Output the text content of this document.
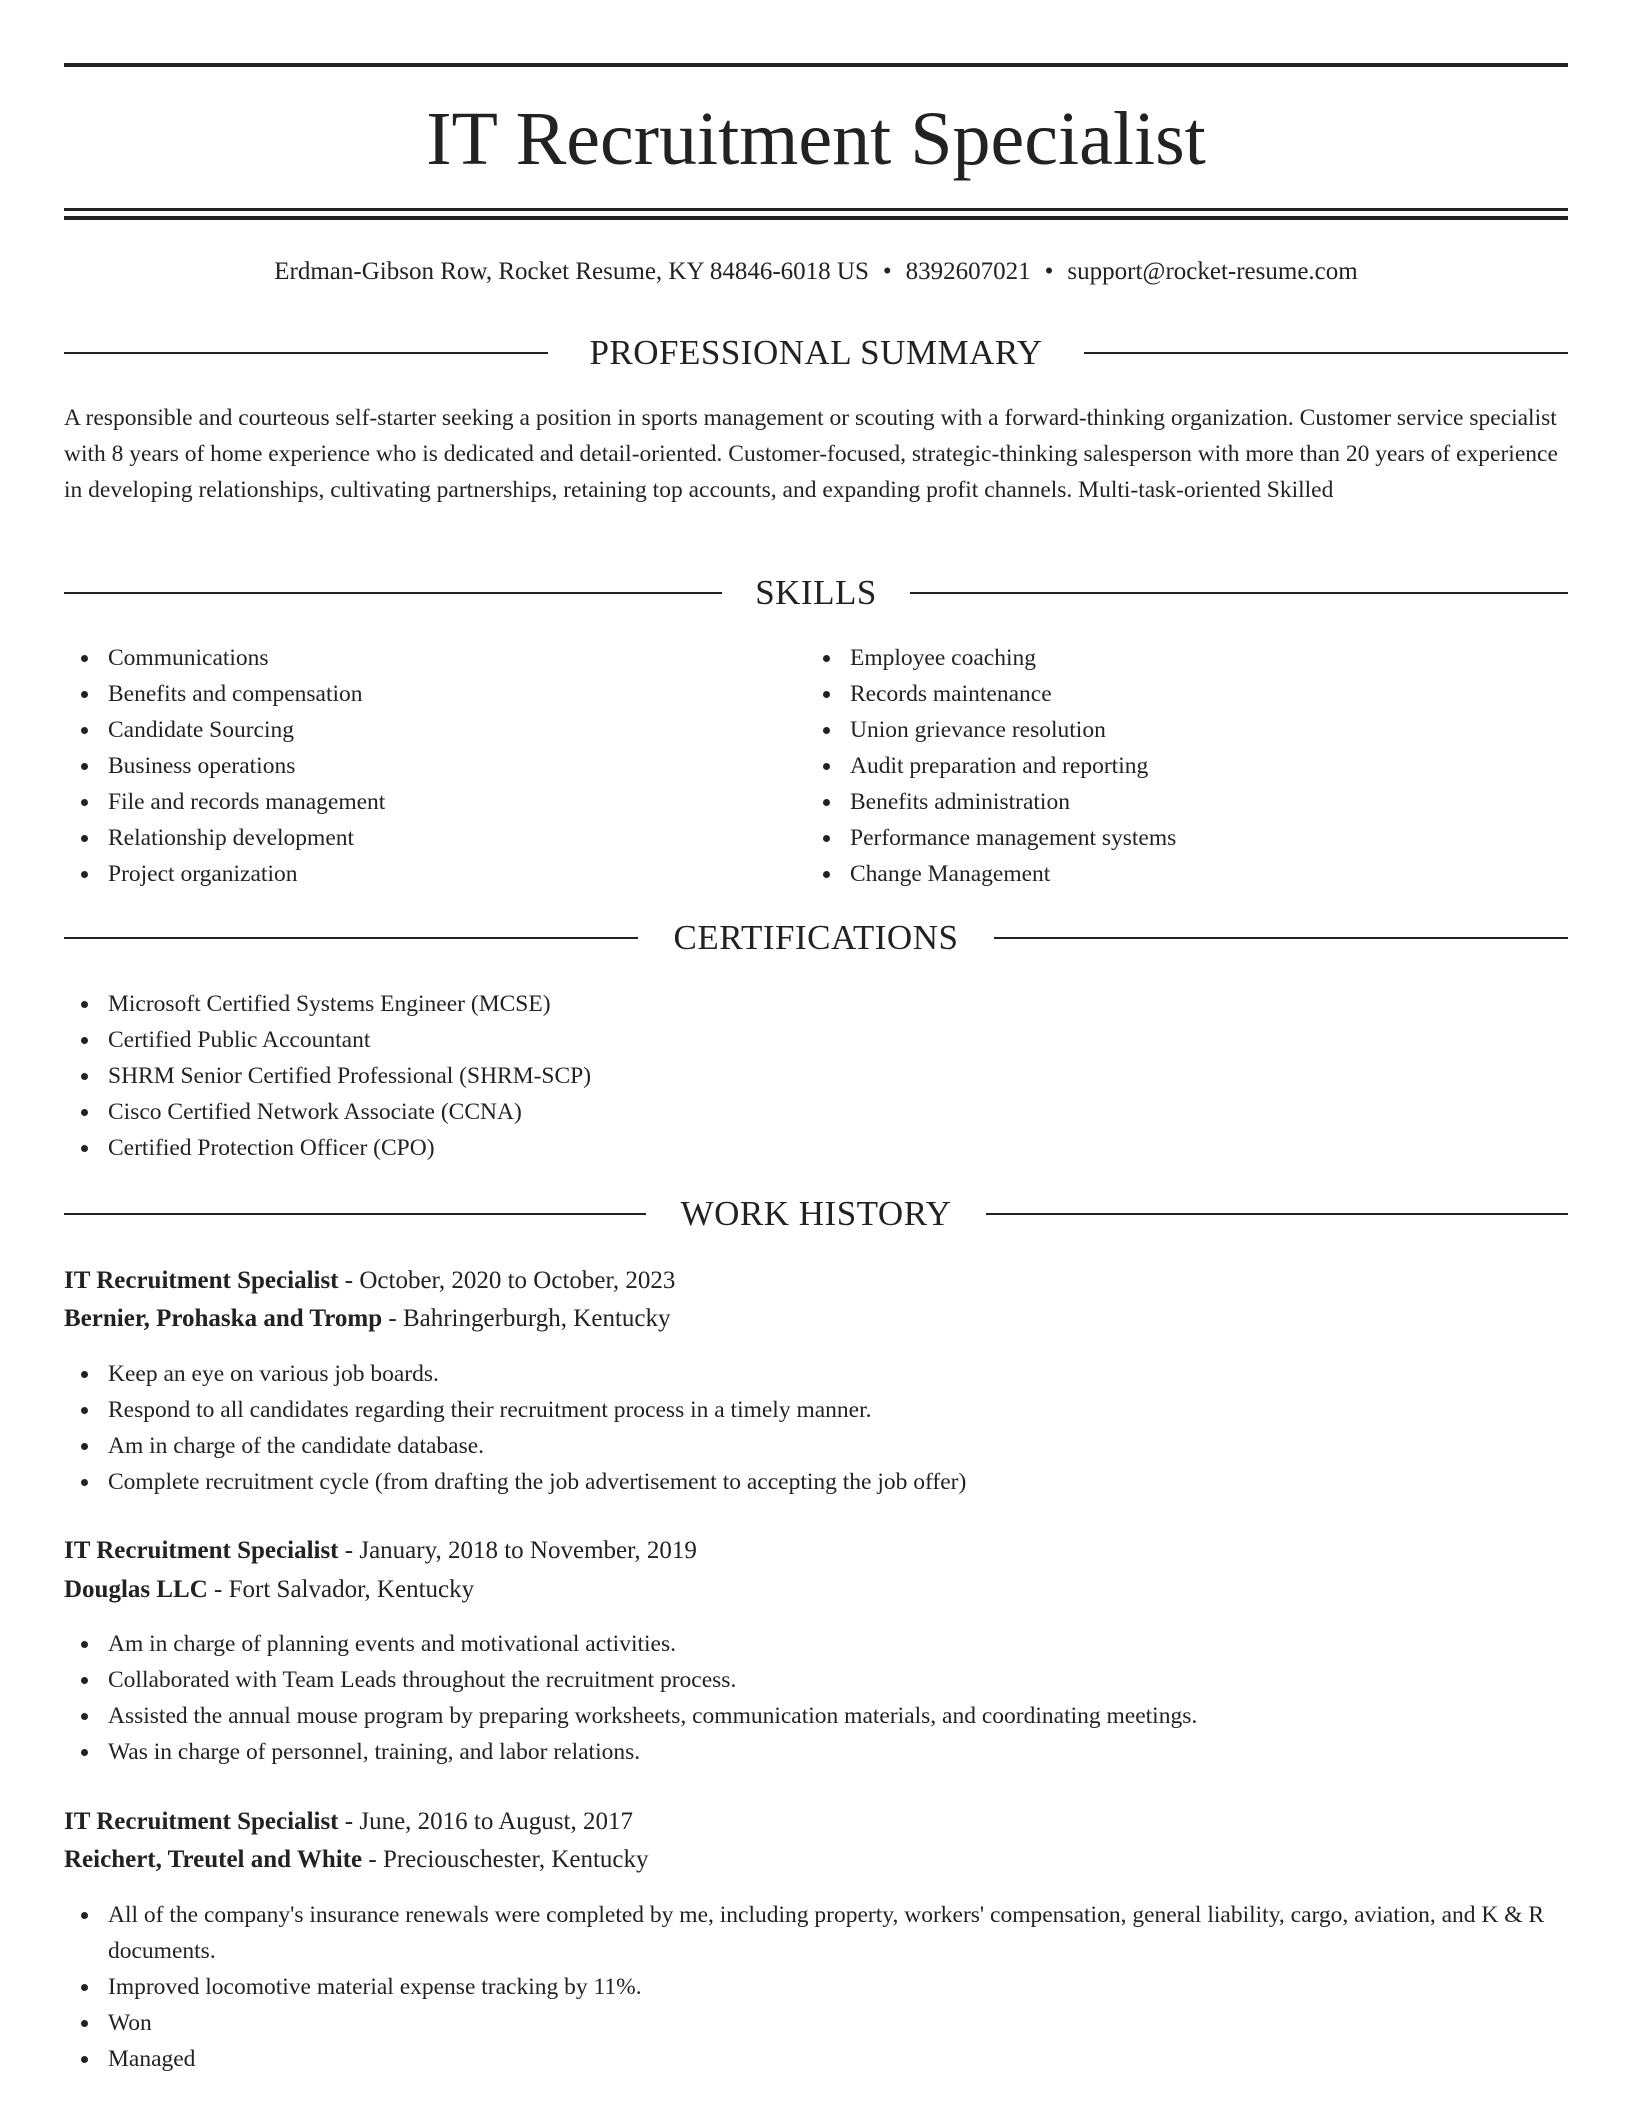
IT Recruitment Specialist
Erdman-Gibson Row, Rocket Resume, KY 84846-6018 US • 8392607021 • support@rocket-resume.com
PROFESSIONAL SUMMARY

A responsible and courteous self-starter seeking a position in sports management or scouting with a forward-thinking organization. Customer service specialist with 8 years of home experience who is dedicated and detail-oriented. Customer-focused, strategic-thinking salesperson with more than 20 years of experience in developing relationships, cultivating partnerships, retaining top accounts, and expanding profit channels. Multi-task-oriented Skilled

SKILLS
Communications
Benefits and compensation
Candidate Sourcing
Business operations
File and records management
Relationship development
Project organization
Employee coaching
Records maintenance
Union grievance resolution
Audit preparation and reporting
Benefits administration
Performance management systems
Change Management
CERTIFICATIONS
Microsoft Certified Systems Engineer (MCSE)
Certified Public Accountant
SHRM Senior Certified Professional (SHRM-SCP)
Cisco Certified Network Associate (CCNA)
Certified Protection Officer (CPO)
WORK HISTORY
IT Recruitment Specialist - October, 2020 to October, 2023
Bernier, Prohaska and Tromp - Bahringerburgh, Kentucky
Keep an eye on various job boards.
Respond to all candidates regarding their recruitment process in a timely manner.
Am in charge of the candidate database.
Complete recruitment cycle (from drafting the job advertisement to accepting the job offer)
IT Recruitment Specialist - January, 2018 to November, 2019
Douglas LLC - Fort Salvador, Kentucky
Am in charge of planning events and motivational activities.
Collaborated with Team Leads throughout the recruitment process.
Assisted the annual mouse program by preparing worksheets, communication materials, and coordinating meetings.
Was in charge of personnel, training, and labor relations.
IT Recruitment Specialist - June, 2016 to August, 2017
Reichert, Treutel and White - Preciouschester, Kentucky
All of the company's insurance renewals were completed by me, including property, workers' compensation, general liability, cargo, aviation, and K & R documents.
Improved locomotive material expense tracking by 11%.
Won
Managed
